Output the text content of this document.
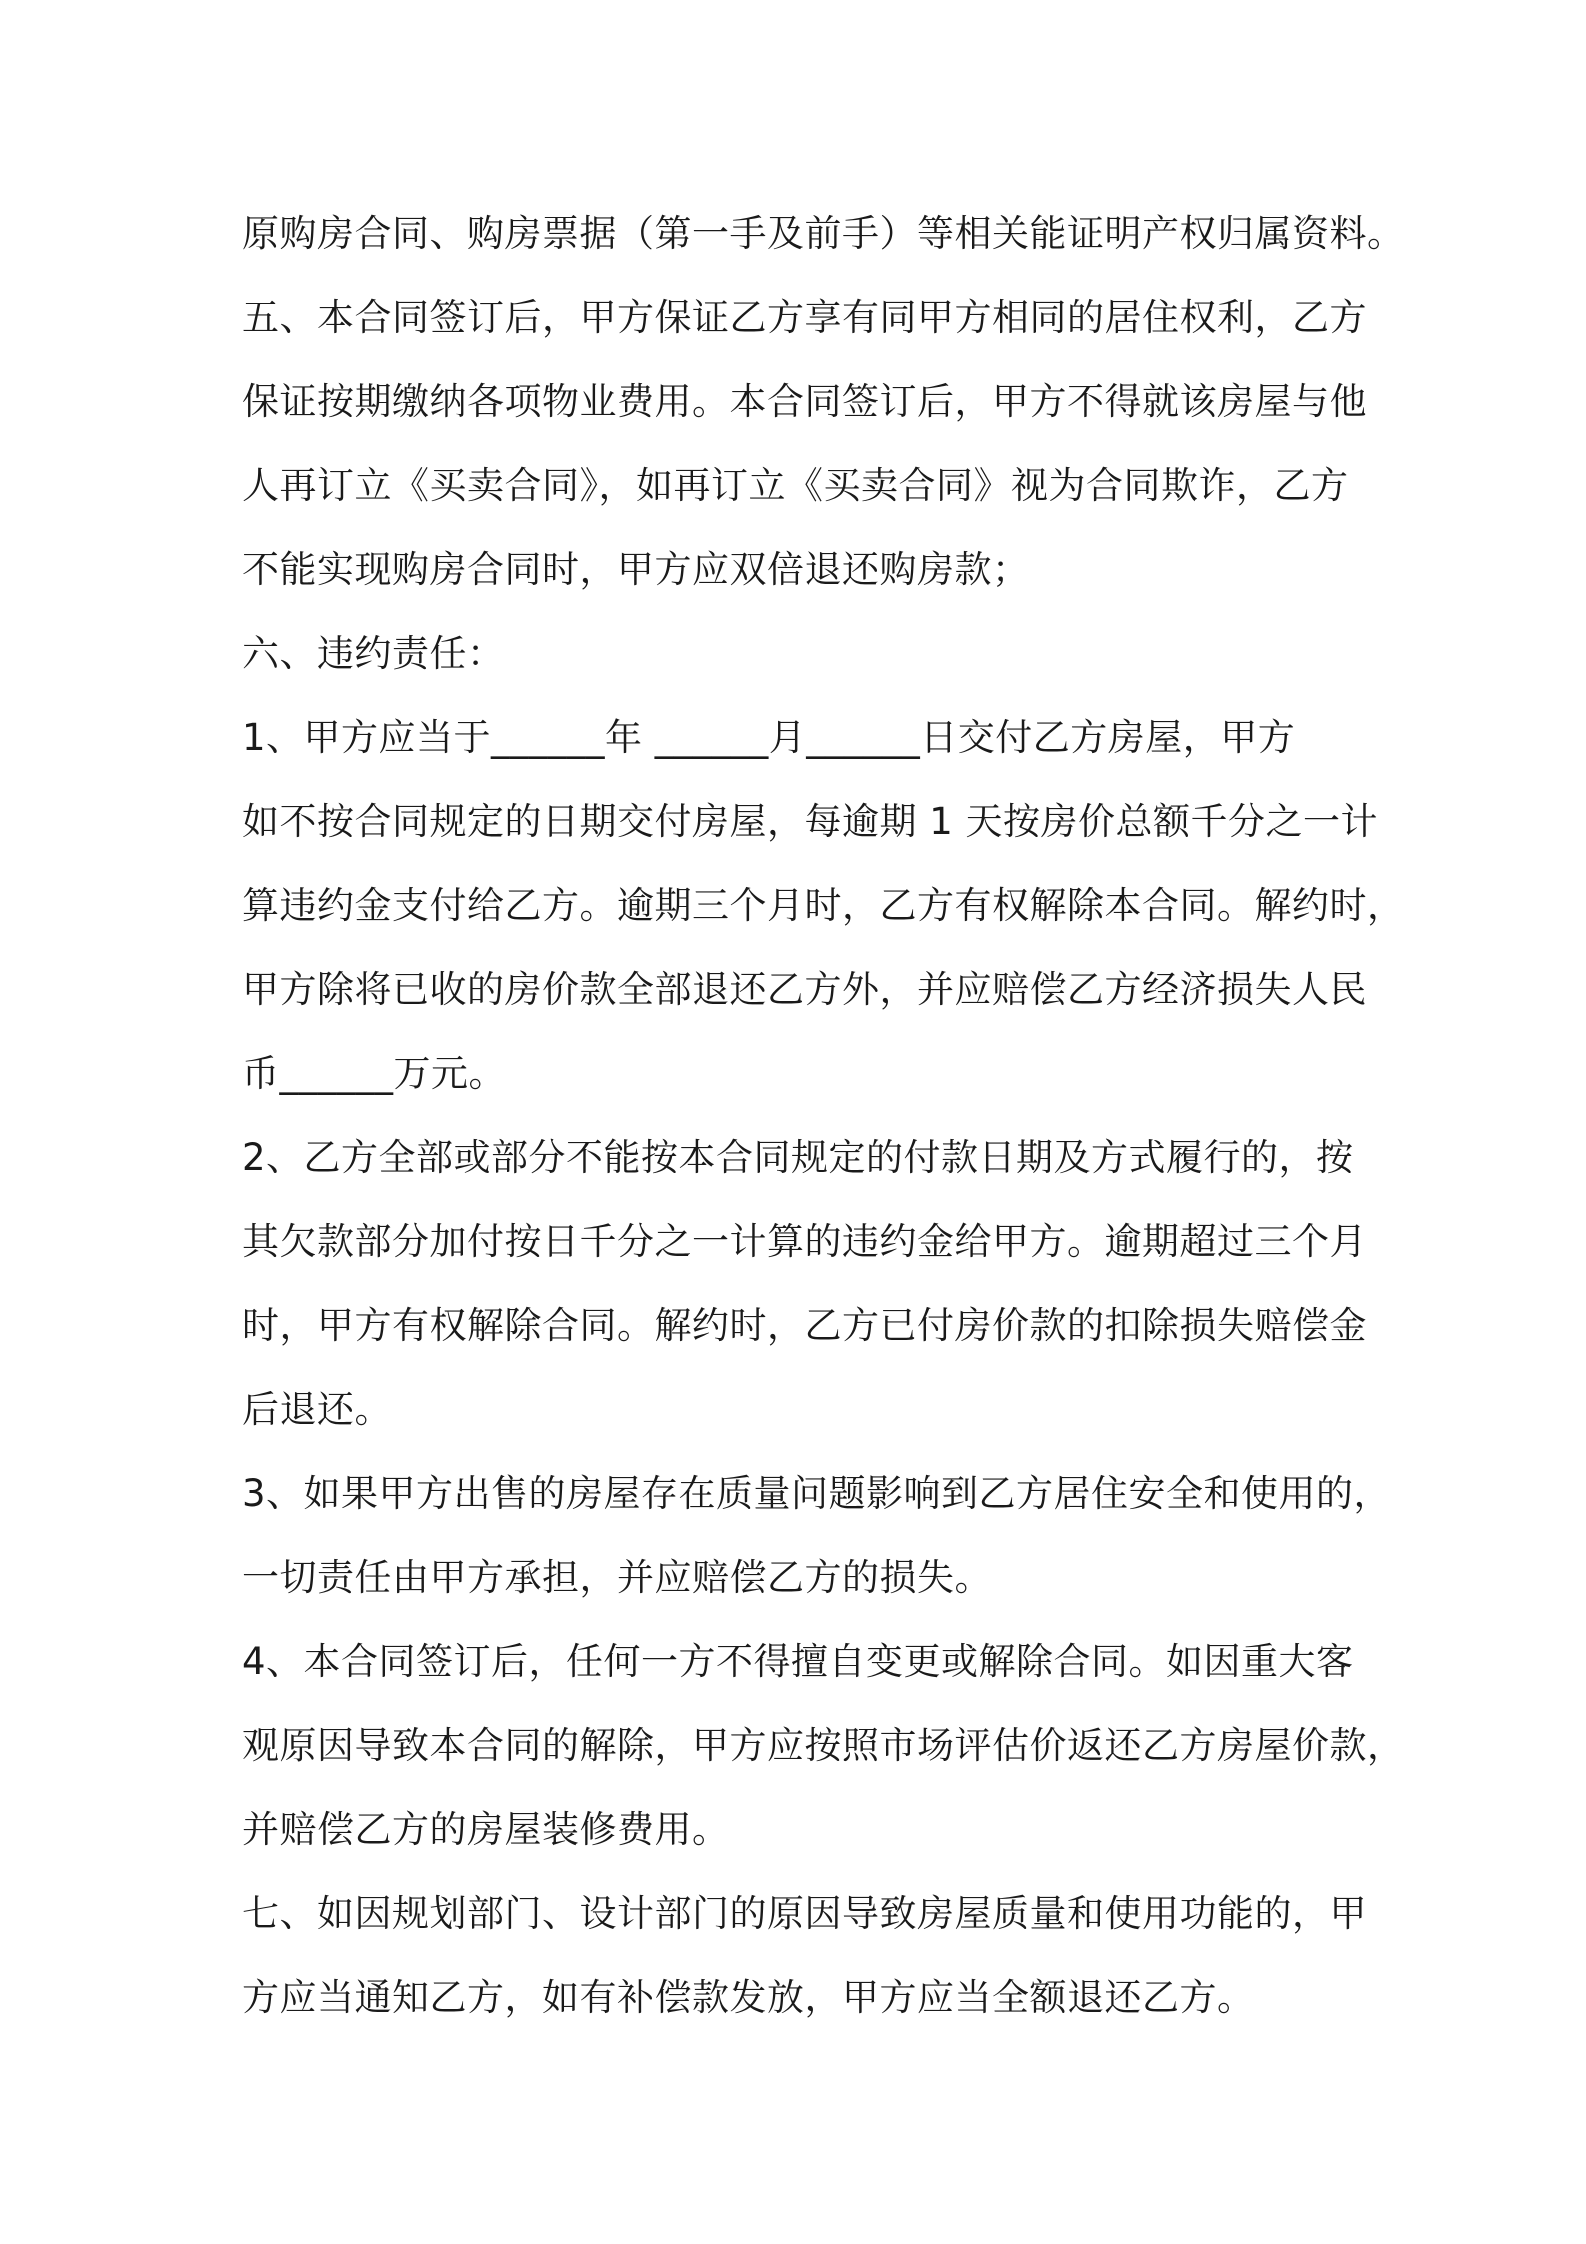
原购房合同、购房票据（第一手及前手）等相关能证明产权归属资料。
五、本合同签订后，甲方保证乙方享有同甲方相同的居住权利，乙方
保证按期缴纳各项物业费用。本合同签订后，甲方不得就该房屋与他
人再订立《买卖合同》，如再订立《买卖合同》视为合同欺诈，乙方
不能实现购房合同时，甲方应双倍退还购房款；
六、违约责任：
1、甲方应当于______年 ______月______日交付乙方房屋，甲方
如不按合同规定的日期交付房屋，每逾期 1 天按房价总额千分之一计
算违约金支付给乙方。逾期三个月时，乙方有权解除本合同。解约时，
甲方除将已收的房价款全部退还乙方外，并应赔偿乙方经济损失人民
币______万元。
2、乙方全部或部分不能按本合同规定的付款日期及方式履行的，按
其欠款部分加付按日千分之一计算的违约金给甲方。逾期超过三个月
时，甲方有权解除合同。解约时，乙方已付房价款的扣除损失赔偿金
后退还。
3、如果甲方出售的房屋存在质量问题影响到乙方居住安全和使用的，
一切责任由甲方承担，并应赔偿乙方的损失。
4、本合同签订后，任何一方不得擅自变更或解除合同。如因重大客
观原因导致本合同的解除，甲方应按照市场评估价返还乙方房屋价款，
并赔偿乙方的房屋装修费用。
七、如因规划部门、设计部门的原因导致房屋质量和使用功能的，甲
方应当通知乙方，如有补偿款发放，甲方应当全额退还乙方。
